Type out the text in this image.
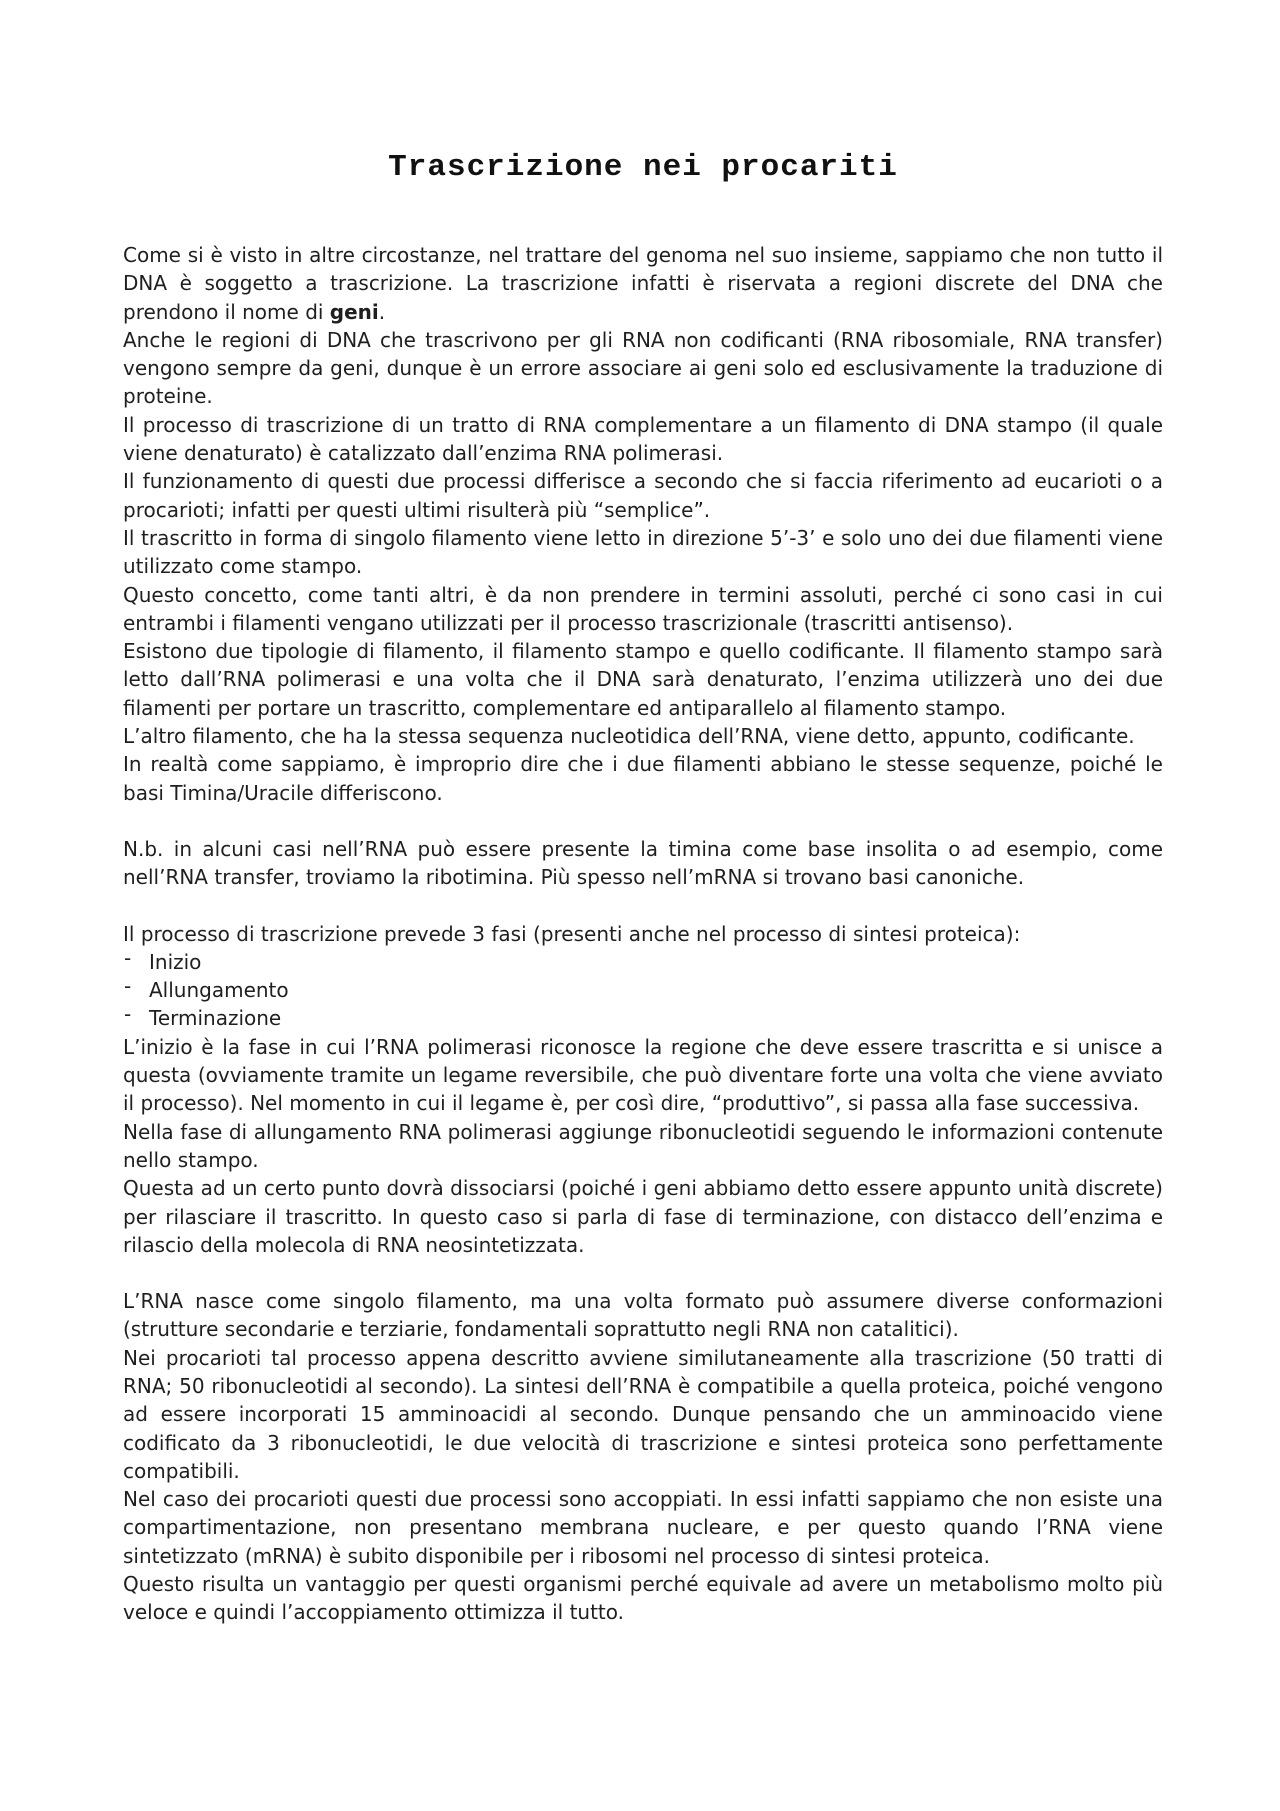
Trascrizione nei procariti

Come si è visto in altre circostanze, nel trattare del genoma nel suo insieme, sappiamo che non tutto il DNA è soggetto a trascrizione. La trascrizione infatti è riservata a regioni discrete del DNA che prendono il nome di geni.

Anche le regioni di DNA che trascrivono per gli RNA non codificanti (RNA ribosomiale, RNA transfer) vengono sempre da geni, dunque è un errore associare ai geni solo ed esclusivamente la traduzione di proteine.

Il processo di trascrizione di un tratto di RNA complementare a un filamento di DNA stampo (il quale viene denaturato) è catalizzato dall’enzima RNA polimerasi.

Il funzionamento di questi due processi differisce a secondo che si faccia riferimento ad eucarioti o a procarioti; infatti per questi ultimi risulterà più “semplice”.

Il trascritto in forma di singolo filamento viene letto in direzione 5’-3’ e solo uno dei due filamenti viene utilizzato come stampo.

Questo concetto, come tanti altri, è da non prendere in termini assoluti, perché ci sono casi in cui entrambi i filamenti vengano utilizzati per il processo trascrizionale (trascritti antisenso).

Esistono due tipologie di filamento, il filamento stampo e quello codificante. Il filamento stampo sarà letto dall’RNA polimerasi e una volta che il DNA sarà denaturato, l’enzima utilizzerà uno dei due filamenti per portare un trascritto, complementare ed antiparallelo al filamento stampo.

L’altro filamento, che ha la stessa sequenza nucleotidica dell’RNA, viene detto, appunto, codificante.

In realtà come sappiamo, è improprio dire che i due filamenti abbiano le stesse sequenze, poiché le basi Timina/Uracile differiscono.

N.b. in alcuni casi nell’RNA può essere presente la timina come base insolita o ad esempio, come nell’RNA transfer, troviamo la ribotimina. Più spesso nell’mRNA si trovano basi canoniche.

Il processo di trascrizione prevede 3 fasi (presenti anche nel processo di sintesi proteica):

- Inizio
- Allungamento
- Terminazione

L’inizio è la fase in cui l’RNA polimerasi riconosce la regione che deve essere trascritta e si unisce a questa (ovviamente tramite un legame reversibile, che può diventare forte una volta che viene avviato il processo). Nel momento in cui il legame è, per così dire, “produttivo”, si passa alla fase successiva.

Nella fase di allungamento RNA polimerasi aggiunge ribonucleotidi seguendo le informazioni contenute nello stampo.

Questa ad un certo punto dovrà dissociarsi (poiché i geni abbiamo detto essere appunto unità discrete) per rilasciare il trascritto. In questo caso si parla di fase di terminazione, con distacco dell’enzima e rilascio della molecola di RNA neosintetizzata.

L’RNA nasce come singolo filamento, ma una volta formato può assumere diverse conformazioni (strutture secondarie e terziarie, fondamentali soprattutto negli RNA non catalitici).

Nei procarioti tal processo appena descritto avviene similutaneamente alla trascrizione (50 tratti di RNA; 50 ribonucleotidi al secondo). La sintesi dell’RNA è compatibile a quella proteica, poiché vengono ad essere incorporati 15 amminoacidi al secondo. Dunque pensando che un amminoacido viene codificato da 3 ribonucleotidi, le due velocità di trascrizione e sintesi proteica sono perfettamente compatibili.

Nel caso dei procarioti questi due processi sono accoppiati. In essi infatti sappiamo che non esiste una compartimentazione, non presentano membrana nucleare, e per questo quando l’RNA viene sintetizzato (mRNA) è subito disponibile per i ribosomi nel processo di sintesi proteica.

Questo risulta un vantaggio per questi organismi perché equivale ad avere un metabolismo molto più veloce e quindi l’accoppiamento ottimizza il tutto.
